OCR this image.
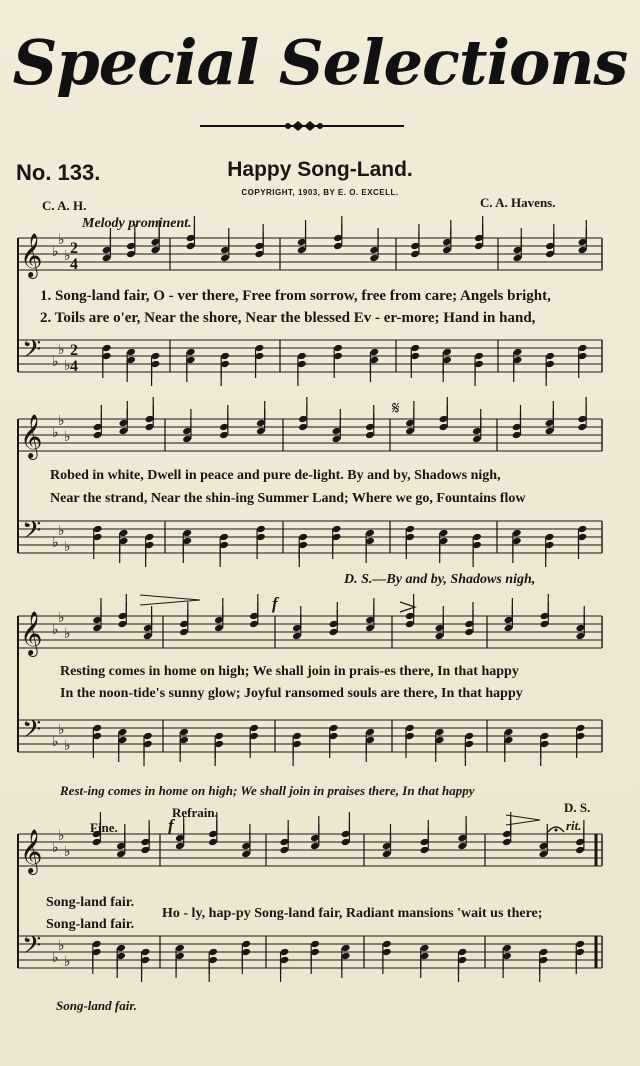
Special Selections
No. 133.	Happy Song-Land.
COPYRIGHT, 1903, BY E. O. EXCELL.
C. A. H.	C. A. Havens.
Melody prominent.
𝄞
𝄢
♭
♭
♭
♭
♭
♭
2
4
2
4
𝄞
𝄢
♭
♭
♭
♭
♭
♭
𝄞
𝄢
♭
♭
♭
♭
♭
♭
𝄞
𝄢
♭
♭
♭
♭
♭
♭
𝄋
1. Song-land fair, O - ver there, Free from sorrow, free from care; Angels bright,
2. Toils are o'er, Near the shore, Near the blessed Ev - er-more; Hand in hand,
Robed in white, Dwell in peace and pure de-light. By and by, Shadows nigh,
Near the strand, Near the shin-ing Summer Land; Where we go, Fountains flow
D. S.—By and by, Shadows nigh,
f
Resting comes in home on high; We shall join in prais-es there, In that happy
In the noon-tide's sunny glow; Joyful ransomed souls are there, In that happy
Rest-ing comes in home on high; We shall join in praises there, In that happy
Refrain.	D. S.
Fine.	f	rit.
Song-land fair.
Song-land fair.
Ho - ly, hap-py Song-land fair, Radiant mansions 'wait us there;
Song-land fair.
